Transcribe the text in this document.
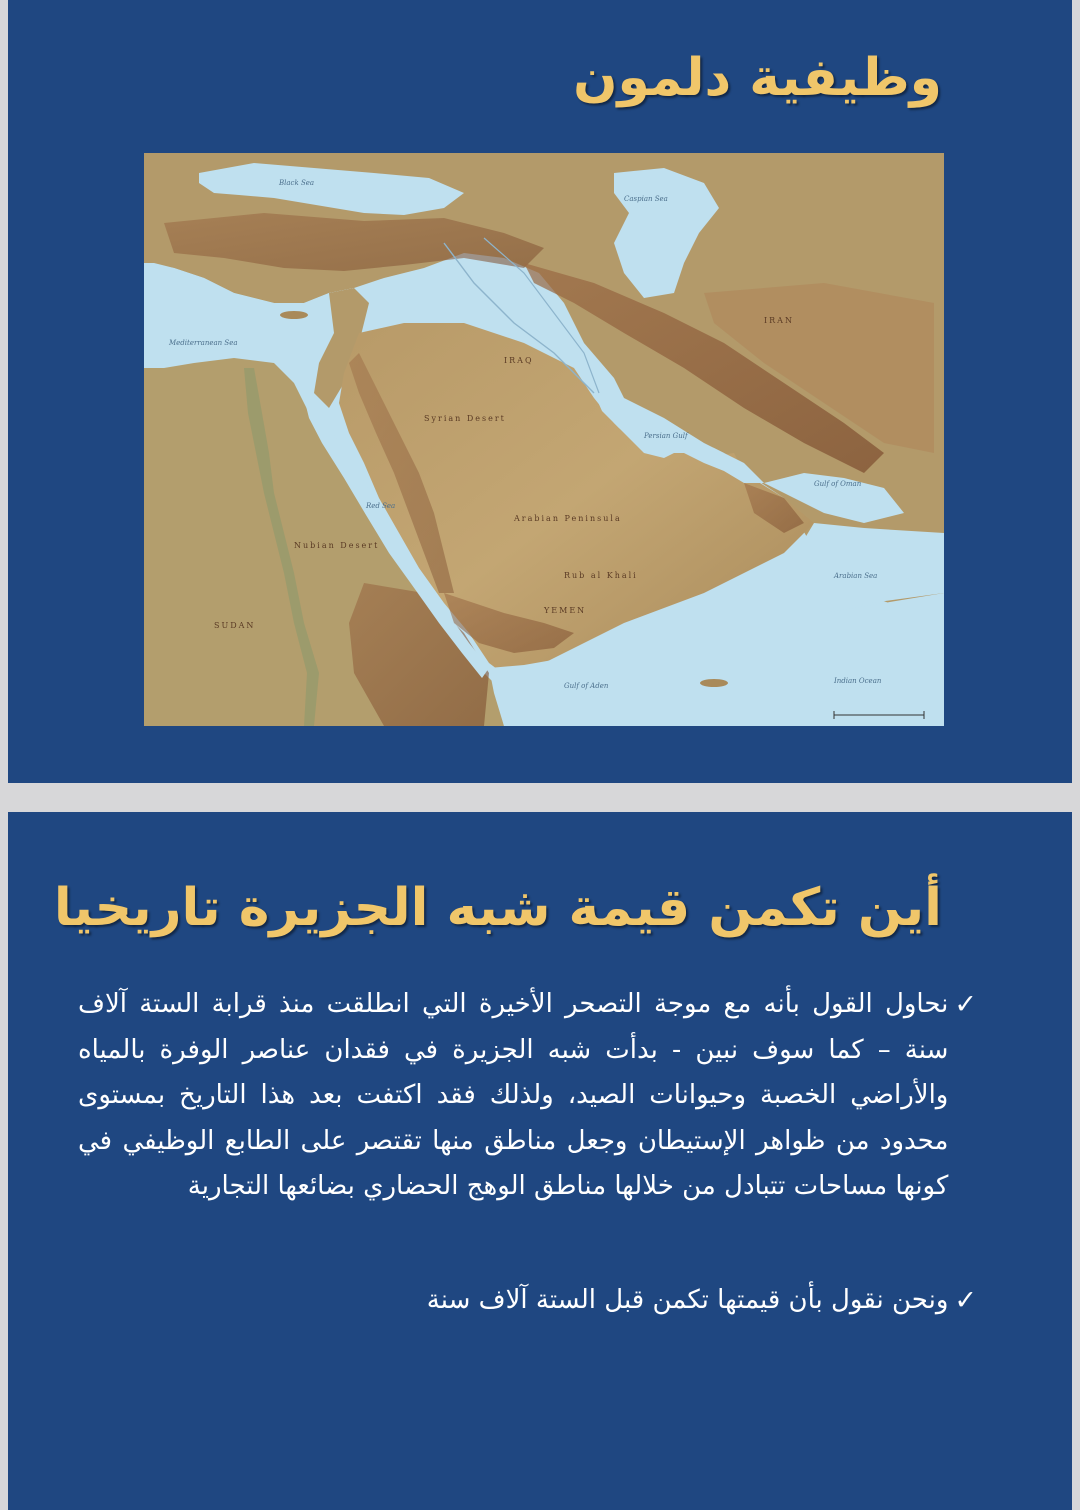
وظيفية دلمون
Black Sea
Caspian Sea
Mediterranean Sea
Red Sea
Persian Gulf
Gulf of Oman
Arabian Sea
Indian Ocean
Gulf of Aden
Arabian Peninsula
Rub al Khali
YEMEN
SUDAN
Nubian Desert
Syrian Desert
IRAN
IRAQ
أين تكمن قيمة شبه الجزيرة تاريخيا
✓
نحاول القول بأنه مع موجة التصحر الأخيرة التي انطلقت منذ قرابة الستة آلاف سنة – كما سوف نبين - بدأت شبه الجزيرة في فقدان عناصر الوفرة بالمياه والأراضي الخصبة وحيوانات الصيد، ولذلك فقد اكتفت بعد هذا التاريخ بمستوى محدود من ظواهر الإستيطان وجعل مناطق منها تقتصر على الطابع الوظيفي في كونها مساحات تتبادل من خلالها مناطق الوهج الحضاري بضائعها التجارية
✓
ونحن نقول بأن قيمتها تكمن قبل الستة آلاف سنة
